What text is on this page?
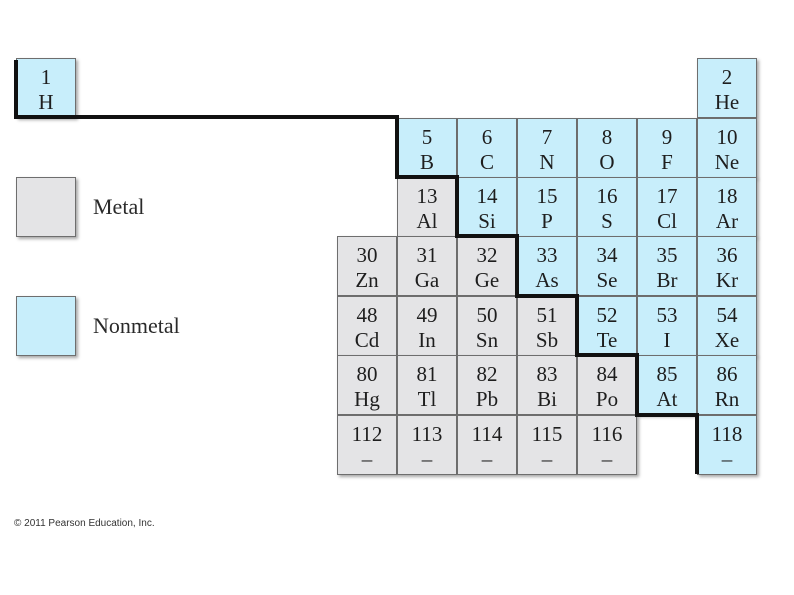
1
H
2
He
5
B
6
C
7
N
8
O
9
F
10
Ne
13
Al
14
Si
15
P
16
S
17
Cl
18
Ar
30
Zn
31
Ga
32
Ge
33
As
34
Se
35
Br
36
Kr
48
Cd
49
In
50
Sn
51
Sb
52
Te
53
I
54
Xe
80
Hg
81
Tl
82
Pb
83
Bi
84
Po
85
At
86
Rn
112
–
113
–
114
–
115
–
116
–
118
–
Metal
Nonmetal
© 2011 Pearson Education, Inc.
